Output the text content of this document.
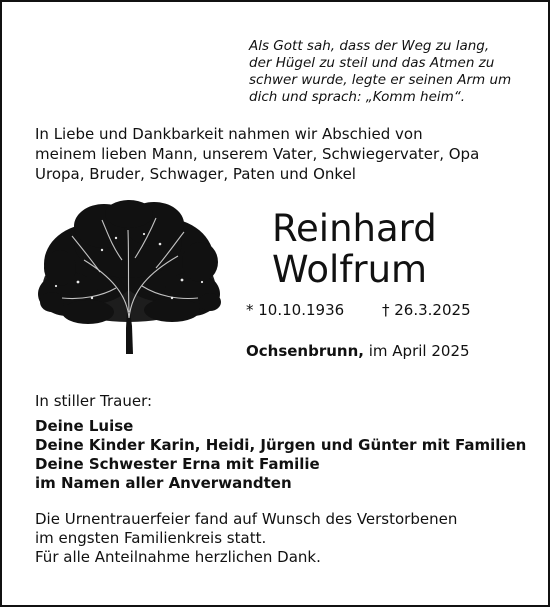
Als Gott sah, dass der Weg zu lang,
der Hügel zu steil und das Atmen zu
schwer wurde, legte er seinen Arm um
dich und sprach: „Komm heim“.
In Liebe und Dankbarkeit nahmen wir Abschied von
meinem lieben Mann, unserem Vater, Schwiegervater, Opa
Uropa, Bruder, Schwager, Paten und Onkel
Reinhard
Wolfrum
* 10.10.1936	† 26.3.2025
Ochsenbrunn, im April 2025
In stiller Trauer:
Deine Luise
Deine Kinder Karin, Heidi, Jürgen und Günter mit Familien
Deine Schwester Erna mit Familie
im Namen aller Anverwandten
Die Urnentrauerfeier fand auf Wunsch des Verstorbenen
im engsten Familienkreis statt.
Für alle Anteilnahme herzlichen Dank.
